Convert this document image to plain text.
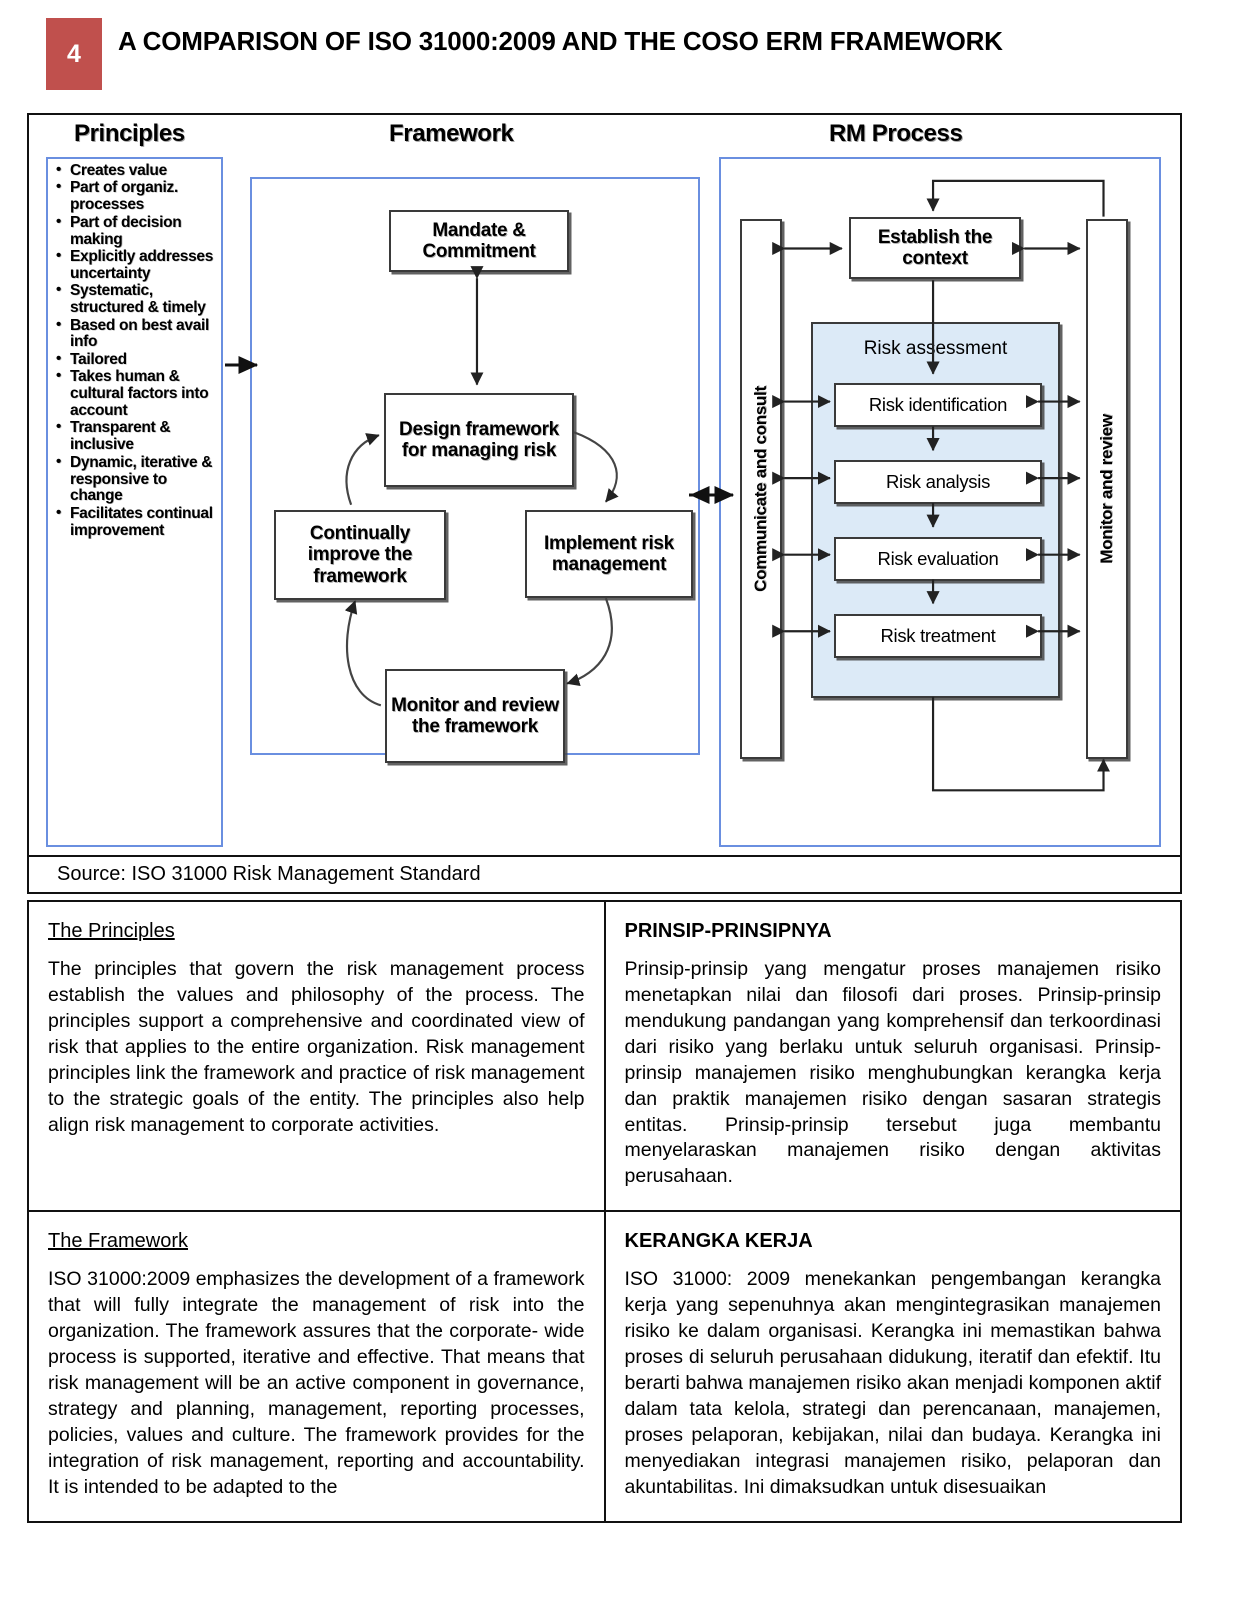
4	A COMPARISON OF ISO 31000:2009 AND THE COSO ERM FRAMEWORK
Principles	Framework	RM Process
• Creates value
• Part of organiz. processes
• Part of decision making
• Explicitly addresses uncertainty
• Systematic, structured & timely
• Based on best avail info
• Tailored
• Takes human & cultural factors into account
• Transparent & inclusive
• Dynamic, iterative & responsive to change
• Facilitates continual improvement
Mandate & Commitment
Design framework for managing risk
Implement risk management
Continually improve the framework
Monitor and review the framework
Communicate and consult	Monitor and review
Establish the context
Risk assessment
Risk identification
Risk analysis
Risk evaluation
Risk treatment
Source: ISO 31000 Risk Management Standard
The Principles

The principles that govern the risk management process establish the values and philosophy of the process. The principles support a comprehensive and coordinated view of risk that applies to the entire organization. Risk management principles link the framework and practice of risk management to the strategic goals of the entity. The principles also help align risk management to corporate activities.

PRINSIP-PRINSIPNYA

Prinsip-prinsip yang mengatur proses manajemen risiko menetapkan nilai dan filosofi dari proses. Prinsip-prinsip mendukung pandangan yang komprehensif dan terkoordinasi dari risiko yang berlaku untuk seluruh organisasi. Prinsip-prinsip manajemen risiko menghubungkan kerangka kerja dan praktik manajemen risiko dengan sasaran strategis entitas. Prinsip-prinsip tersebut juga membantu menyelaraskan manajemen risiko dengan aktivitas perusahaan.

The Framework

ISO 31000:2009 emphasizes the development of a framework that will fully integrate the management of risk into the organization. The framework assures that the corporate- wide process is supported, iterative and effective. That means that risk management will be an active component in governance, strategy and planning, management, reporting processes, policies, values and culture. The framework provides for the integration of risk management, reporting and accountability. It is intended to be adapted to the

KERANGKA KERJA

ISO 31000: 2009 menekankan pengembangan kerangka kerja yang sepenuhnya akan mengintegrasikan manajemen risiko ke dalam organisasi. Kerangka ini memastikan bahwa proses di seluruh perusahaan didukung, iteratif dan efektif. Itu berarti bahwa manajemen risiko akan menjadi komponen aktif dalam tata kelola, strategi dan perencanaan, manajemen, proses pelaporan, kebijakan, nilai dan budaya. Kerangka ini menyediakan integrasi manajemen risiko, pelaporan dan akuntabilitas. Ini dimaksudkan untuk disesuaikan
